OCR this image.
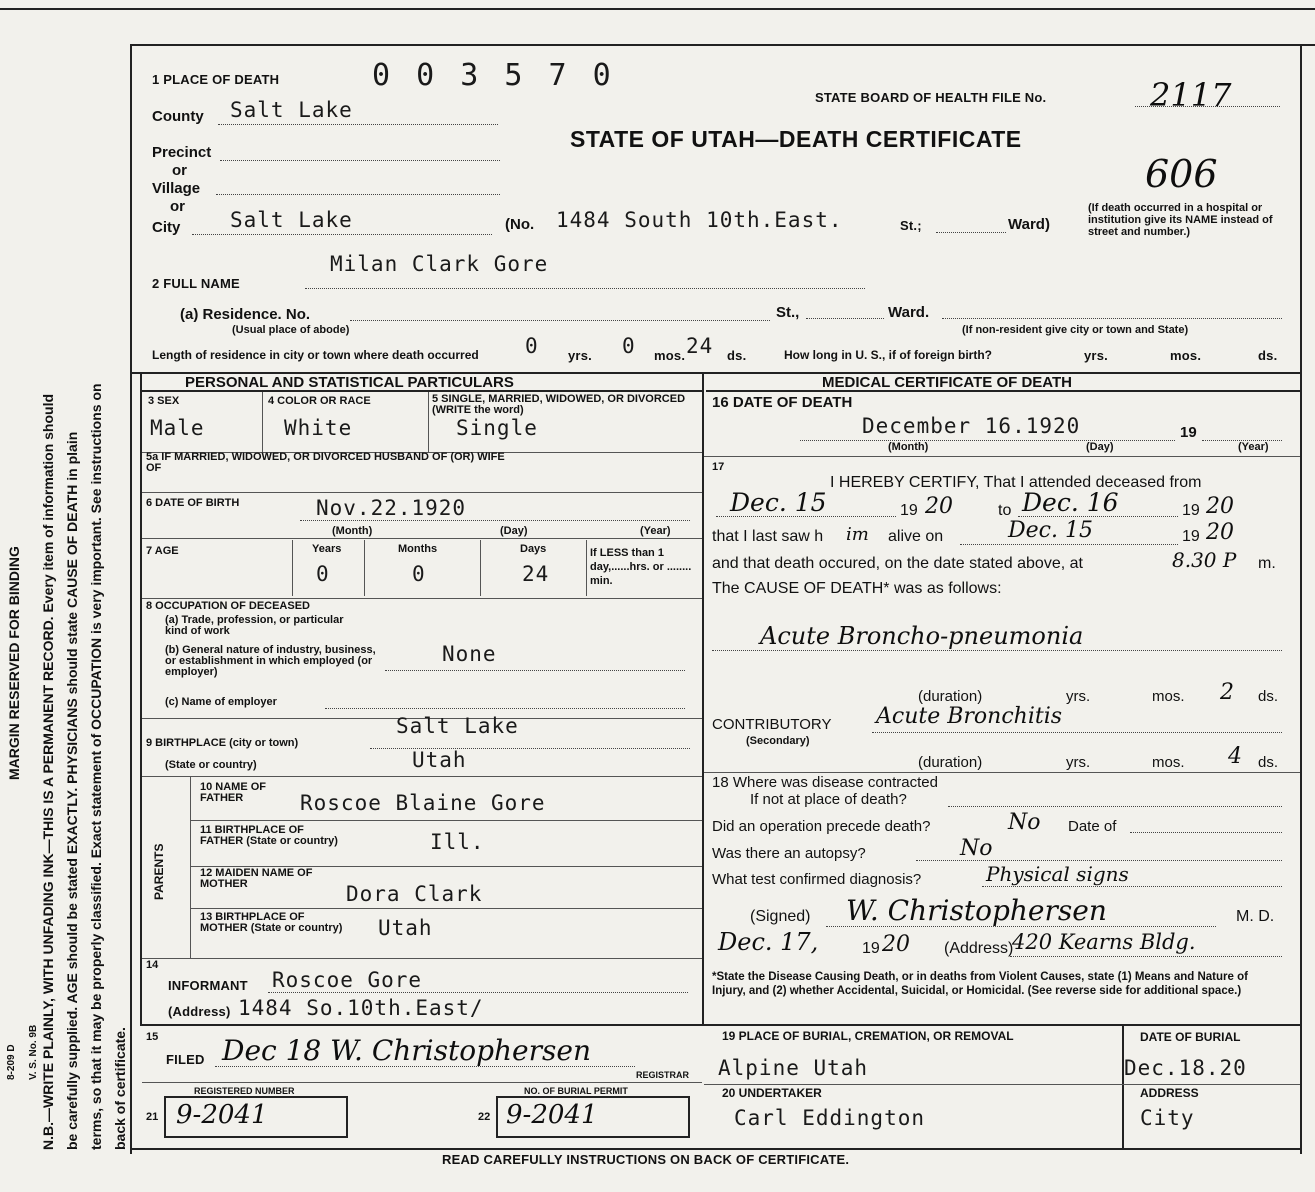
MARGIN RESERVED FOR BINDING N.B.—WRITE PLAINLY, WITH UNFADING INK—THIS IS A PERMANENT RECORD. Every item of information should be carefully supplied. AGE should be stated EXACTLY. PHYSICIANS should state CAUSE OF DEATH in plain terms, so that it may be properly classified. Exact statement of OCCUPATION is very important. See instructions on back of certificate.
8-209 D V. S. No. 9B
1 PLACE OF DEATH	0 0 3 5 7 0
STATE BOARD OF HEALTH FILE No.	2117
STATE OF UTAH—DEATH CERTIFICATE
606
County Salt Lake
Precinct
or
Village
or
City Salt Lake	(No. 1484 South 10th.East.	St.;	Ward)
(If death occurred in a hospital or institution give its NAME instead of street and number.)
2 FULL NAME
Milan Clark Gore
(a) Residence. No.
(Usual place of abode)
St.,	Ward.
(If non-resident give city or town and State)
Length of residence in city or town where death occurred 0 yrs. 0 mos. 24 ds.	How long in U. S., if of foreign birth?	yrs.	mos.	ds.
PERSONAL AND STATISTICAL PARTICULARS	MEDICAL CERTIFICATE OF DEATH
3 SEX	4 COLOR OR RACE	5 SINGLE, MARRIED, WIDOWED, OR DIVORCED (WRITE the word)
Male	White	Single
5a IF MARRIED, WIDOWED, OR DIVORCED HUSBAND OF (OR) WIFE OF
6 DATE OF BIRTH	Nov.22.1920
(Month)	(Day)	(Year)
7 AGE	Years	Months	Days
0	0	24
If LESS than 1 day,......hrs. or ........ min.
8 OCCUPATION OF DECEASED
(a) Trade, profession, or particular kind of work
(b) General nature of industry, business, or establishment in which employed (or employer)
None
(c) Name of employer
9 BIRTHPLACE (city or town)
Salt Lake
(State or country)	Utah
PARENTS
10 NAME OF FATHER	Roscoe Blaine Gore
11 BIRTHPLACE OF FATHER (State or country)	Ill.
12 MAIDEN NAME OF MOTHER	Dora Clark
13 BIRTHPLACE OF MOTHER (State or country)	Utah
14
INFORMANT Roscoe Gore
(Address) 1484 So.10th.East/
16 DATE OF DEATH
December 16.1920	19
(Month)	(Day)	(Year)
17
I HEREBY CERTIFY, That I attended deceased from
Dec. 15	19 20	to Dec. 16	19 20
that I last saw h im alive on	Dec. 15	19 20
and that death occured, on the date stated above, at	8.30 P m.
The CAUSE OF DEATH* was as follows:
Acute Broncho-pneumonia
(duration)	yrs.	mos. 2 ds.
CONTRIBUTORY
(Secondary)
Acute Bronchitis
(duration)	yrs.	mos. 4 ds.
18 Where was disease contracted
If not at place of death?
Did an operation precede death?	No Date of
Was there an autopsy?	No
What test confirmed diagnosis?	Physical signs
(Signed) W. Christophersen	M. D.
Dec. 17,	19 20 (Address)
420 Kearns Bldg.
*State the Disease Causing Death, or in deaths from Violent Causes, state (1) Means and Nature of Injury, and (2) whether Accidental, Suicidal, or Homicidal. (See reverse side for additional space.)
15
FILED Dec 18 W. Christophersen
REGISTRAR
REGISTERED NUMBER	NO. OF BURIAL PERMIT
21 9-2041	22 9-2041
19 PLACE OF BURIAL, CREMATION, OR REMOVAL
Alpine Utah
DATE OF BURIAL
Dec.18.20
20 UNDERTAKER
Carl Eddington
ADDRESS
City
READ CAREFULLY INSTRUCTIONS ON BACK OF CERTIFICATE.
